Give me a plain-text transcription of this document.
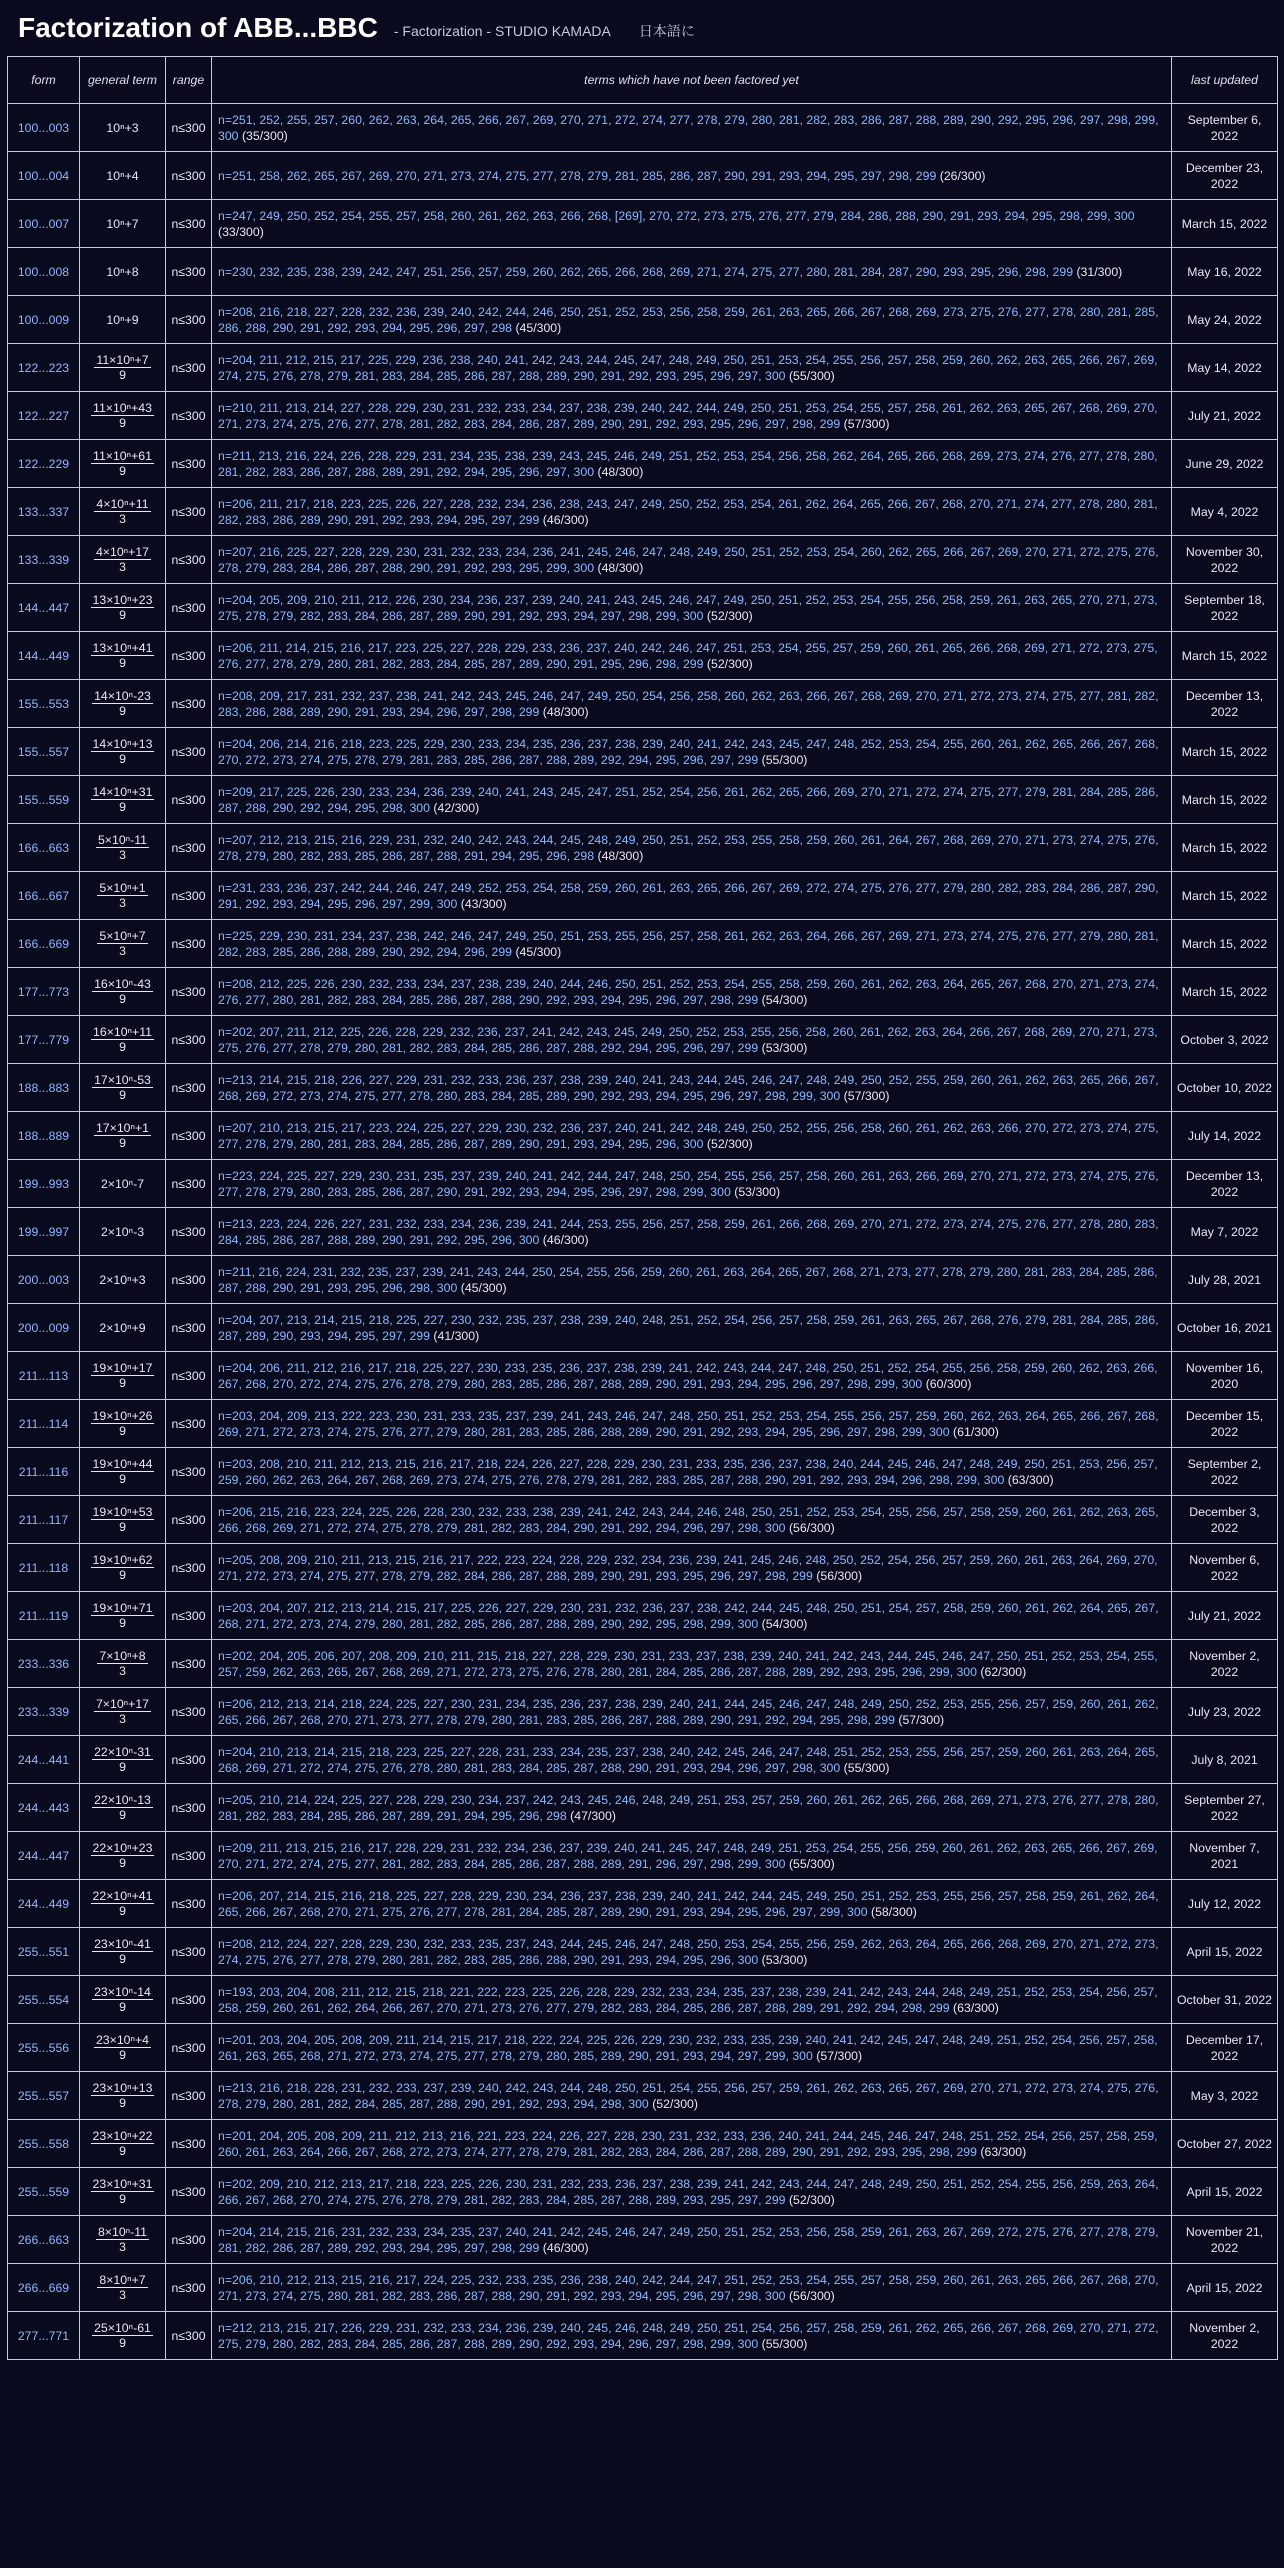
Factorization of ABB...BBC - Factorization - STUDIO KAMADA 日本語に
form	general term	range	terms which have not been factored yet	last updated
100...003	10ⁿ+3	n≤300	n=251, 252, 255, 257, 260, 262, 263, 264, 265, 266, 267, 269, 270, 271, 272, 274, 277, 278, 279, 280, 281, 282, 283, 286, 287, 288, 289, 290, 292, 295, 296, 297, 298, 299, 300 (35/300)	September 6, 2022
100...004	10ⁿ+4	n≤300	n=251, 258, 262, 265, 267, 269, 270, 271, 273, 274, 275, 277, 278, 279, 281, 285, 286, 287, 290, 291, 293, 294, 295, 297, 298, 299 (26/300)	December 23, 2022
100...007	10ⁿ+7	n≤300	n=247, 249, 250, 252, 254, 255, 257, 258, 260, 261, 262, 263, 266, 268, [269], 270, 272, 273, 275, 276, 277, 279, 284, 286, 288, 290, 291, 293, 294, 295, 298, 299, 300 (33/300)	March 15, 2022
100...008	10ⁿ+8	n≤300	n=230, 232, 235, 238, 239, 242, 247, 251, 256, 257, 259, 260, 262, 265, 266, 268, 269, 271, 274, 275, 277, 280, 281, 284, 287, 290, 293, 295, 296, 298, 299 (31/300)	May 16, 2022
100...009	10ⁿ+9	n≤300	n=208, 216, 218, 227, 228, 232, 236, 239, 240, 242, 244, 246, 250, 251, 252, 253, 256, 258, 259, 261, 263, 265, 266, 267, 268, 269, 273, 275, 276, 277, 278, 280, 281, 285, 286, 288, 290, 291, 292, 293, 294, 295, 296, 297, 298 (45/300)	May 24, 2022
122...223	$\frac{\text{11×10ⁿ+7}}{9}$	n≤300	n=204, 211, 212, 215, 217, 225, 229, 236, 238, 240, 241, 242, 243, 244, 245, 247, 248, 249, 250, 251, 253, 254, 255, 256, 257, 258, 259, 260, 262, 263, 265, 266, 267, 269, 274, 275, 276, 278, 279, 281, 283, 284, 285, 286, 287, 288, 289, 290, 291, 292, 293, 295, 296, 297, 300 (55/300)	May 14, 2022
122...227	$\frac{\text{11×10ⁿ+43}}{9}$	n≤300	n=210, 211, 213, 214, 227, 228, 229, 230, 231, 232, 233, 234, 237, 238, 239, 240, 242, 244, 249, 250, 251, 253, 254, 255, 257, 258, 261, 262, 263, 265, 267, 268, 269, 270, 271, 273, 274, 275, 276, 277, 278, 281, 282, 283, 284, 286, 287, 289, 290, 291, 292, 293, 295, 296, 297, 298, 299 (57/300)	July 21, 2022
122...229	$\frac{\text{11×10ⁿ+61}}{9}$	n≤300	n=211, 213, 216, 224, 226, 228, 229, 231, 234, 235, 238, 239, 243, 245, 246, 249, 251, 252, 253, 254, 256, 258, 262, 264, 265, 266, 268, 269, 273, 274, 276, 277, 278, 280, 281, 282, 283, 286, 287, 288, 289, 291, 292, 294, 295, 296, 297, 300 (48/300)	June 29, 2022
133...337	$\frac{\text{4×10ⁿ+11}}{3}$	n≤300	n=206, 211, 217, 218, 223, 225, 226, 227, 228, 232, 234, 236, 238, 243, 247, 249, 250, 252, 253, 254, 261, 262, 264, 265, 266, 267, 268, 270, 271, 274, 277, 278, 280, 281, 282, 283, 286, 289, 290, 291, 292, 293, 294, 295, 297, 299 (46/300)	May 4, 2022
133...339	$\frac{\text{4×10ⁿ+17}}{3}$	n≤300	n=207, 216, 225, 227, 228, 229, 230, 231, 232, 233, 234, 236, 241, 245, 246, 247, 248, 249, 250, 251, 252, 253, 254, 260, 262, 265, 266, 267, 269, 270, 271, 272, 275, 276, 278, 279, 283, 284, 286, 287, 288, 290, 291, 292, 293, 295, 299, 300 (48/300)	November 30, 2022
144...447	$\frac{\text{13×10ⁿ+23}}{9}$	n≤300	n=204, 205, 209, 210, 211, 212, 226, 230, 234, 236, 237, 239, 240, 241, 243, 245, 246, 247, 249, 250, 251, 252, 253, 254, 255, 256, 258, 259, 261, 263, 265, 270, 271, 273, 275, 278, 279, 282, 283, 284, 286, 287, 289, 290, 291, 292, 293, 294, 297, 298, 299, 300 (52/300)	September 18, 2022
144...449	$\frac{\text{13×10ⁿ+41}}{9}$	n≤300	n=206, 211, 214, 215, 216, 217, 223, 225, 227, 228, 229, 233, 236, 237, 240, 242, 246, 247, 251, 253, 254, 255, 257, 259, 260, 261, 265, 266, 268, 269, 271, 272, 273, 275, 276, 277, 278, 279, 280, 281, 282, 283, 284, 285, 287, 289, 290, 291, 295, 296, 298, 299 (52/300)	March 15, 2022
155...553	$\frac{\text{14×10ⁿ-23}}{9}$	n≤300	n=208, 209, 217, 231, 232, 237, 238, 241, 242, 243, 245, 246, 247, 249, 250, 254, 256, 258, 260, 262, 263, 266, 267, 268, 269, 270, 271, 272, 273, 274, 275, 277, 281, 282, 283, 286, 288, 289, 290, 291, 293, 294, 296, 297, 298, 299 (48/300)	December 13, 2022
155...557	$\frac{\text{14×10ⁿ+13}}{9}$	n≤300	n=204, 206, 214, 216, 218, 223, 225, 229, 230, 233, 234, 235, 236, 237, 238, 239, 240, 241, 242, 243, 245, 247, 248, 252, 253, 254, 255, 260, 261, 262, 265, 266, 267, 268, 270, 272, 273, 274, 275, 278, 279, 281, 283, 285, 286, 287, 288, 289, 292, 294, 295, 296, 297, 299 (55/300)	March 15, 2022
155...559	$\frac{\text{14×10ⁿ+31}}{9}$	n≤300	n=209, 217, 225, 226, 230, 233, 234, 236, 239, 240, 241, 243, 245, 247, 251, 252, 254, 256, 261, 262, 265, 266, 269, 270, 271, 272, 274, 275, 277, 279, 281, 284, 285, 286, 287, 288, 290, 292, 294, 295, 298, 300 (42/300)	March 15, 2022
166...663	$\frac{\text{5×10ⁿ-11}}{3}$	n≤300	n=207, 212, 213, 215, 216, 229, 231, 232, 240, 242, 243, 244, 245, 248, 249, 250, 251, 252, 253, 255, 258, 259, 260, 261, 264, 267, 268, 269, 270, 271, 273, 274, 275, 276, 278, 279, 280, 282, 283, 285, 286, 287, 288, 291, 294, 295, 296, 298 (48/300)	March 15, 2022
166...667	$\frac{\text{5×10ⁿ+1}}{3}$	n≤300	n=231, 233, 236, 237, 242, 244, 246, 247, 249, 252, 253, 254, 258, 259, 260, 261, 263, 265, 266, 267, 269, 272, 274, 275, 276, 277, 279, 280, 282, 283, 284, 286, 287, 290, 291, 292, 293, 294, 295, 296, 297, 299, 300 (43/300)	March 15, 2022
166...669	$\frac{\text{5×10ⁿ+7}}{3}$	n≤300	n=225, 229, 230, 231, 234, 237, 238, 242, 246, 247, 249, 250, 251, 253, 255, 256, 257, 258, 261, 262, 263, 264, 266, 267, 269, 271, 273, 274, 275, 276, 277, 279, 280, 281, 282, 283, 285, 286, 288, 289, 290, 292, 294, 296, 299 (45/300)	March 15, 2022
177...773	$\frac{\text{16×10ⁿ-43}}{9}$	n≤300	n=208, 212, 225, 226, 230, 232, 233, 234, 237, 238, 239, 240, 244, 246, 250, 251, 252, 253, 254, 255, 258, 259, 260, 261, 262, 263, 264, 265, 267, 268, 270, 271, 273, 274, 276, 277, 280, 281, 282, 283, 284, 285, 286, 287, 288, 290, 292, 293, 294, 295, 296, 297, 298, 299 (54/300)	March 15, 2022
177...779	$\frac{\text{16×10ⁿ+11}}{9}$	n≤300	n=202, 207, 211, 212, 225, 226, 228, 229, 232, 236, 237, 241, 242, 243, 245, 249, 250, 252, 253, 255, 256, 258, 260, 261, 262, 263, 264, 266, 267, 268, 269, 270, 271, 273, 275, 276, 277, 278, 279, 280, 281, 282, 283, 284, 285, 286, 287, 288, 292, 294, 295, 296, 297, 299 (53/300)	October 3, 2022
188...883	$\frac{\text{17×10ⁿ-53}}{9}$	n≤300	n=213, 214, 215, 218, 226, 227, 229, 231, 232, 233, 236, 237, 238, 239, 240, 241, 243, 244, 245, 246, 247, 248, 249, 250, 252, 255, 259, 260, 261, 262, 263, 265, 266, 267, 268, 269, 272, 273, 274, 275, 277, 278, 280, 283, 284, 285, 289, 290, 292, 293, 294, 295, 296, 297, 298, 299, 300 (57/300)	October 10, 2022
188...889	$\frac{\text{17×10ⁿ+1}}{9}$	n≤300	n=207, 210, 213, 215, 217, 223, 224, 225, 227, 229, 230, 232, 236, 237, 240, 241, 242, 248, 249, 250, 252, 255, 256, 258, 260, 261, 262, 263, 266, 270, 272, 273, 274, 275, 277, 278, 279, 280, 281, 283, 284, 285, 286, 287, 289, 290, 291, 293, 294, 295, 296, 300 (52/300)	July 14, 2022
199...993	2×10ⁿ-7	n≤300	n=223, 224, 225, 227, 229, 230, 231, 235, 237, 239, 240, 241, 242, 244, 247, 248, 250, 254, 255, 256, 257, 258, 260, 261, 263, 266, 269, 270, 271, 272, 273, 274, 275, 276, 277, 278, 279, 280, 283, 285, 286, 287, 290, 291, 292, 293, 294, 295, 296, 297, 298, 299, 300 (53/300)	December 13, 2022
199...997	2×10ⁿ-3	n≤300	n=213, 223, 224, 226, 227, 231, 232, 233, 234, 236, 239, 241, 244, 253, 255, 256, 257, 258, 259, 261, 266, 268, 269, 270, 271, 272, 273, 274, 275, 276, 277, 278, 280, 283, 284, 285, 286, 287, 288, 289, 290, 291, 292, 295, 296, 300 (46/300)	May 7, 2022
200...003	2×10ⁿ+3	n≤300	n=211, 216, 224, 231, 232, 235, 237, 239, 241, 243, 244, 250, 254, 255, 256, 259, 260, 261, 263, 264, 265, 267, 268, 271, 273, 277, 278, 279, 280, 281, 283, 284, 285, 286, 287, 288, 290, 291, 293, 295, 296, 298, 300 (45/300)	July 28, 2021
200...009	2×10ⁿ+9	n≤300	n=204, 207, 213, 214, 215, 218, 225, 227, 230, 232, 235, 237, 238, 239, 240, 248, 251, 252, 254, 256, 257, 258, 259, 261, 263, 265, 267, 268, 276, 279, 281, 284, 285, 286, 287, 289, 290, 293, 294, 295, 297, 299 (41/300)	October 16, 2021
211...113	$\frac{\text{19×10ⁿ+17}}{9}$	n≤300	n=204, 206, 211, 212, 216, 217, 218, 225, 227, 230, 233, 235, 236, 237, 238, 239, 241, 242, 243, 244, 247, 248, 250, 251, 252, 254, 255, 256, 258, 259, 260, 262, 263, 266, 267, 268, 270, 272, 274, 275, 276, 278, 279, 280, 283, 285, 286, 287, 288, 289, 290, 291, 293, 294, 295, 296, 297, 298, 299, 300 (60/300)	November 16, 2020
211...114	$\frac{\text{19×10ⁿ+26}}{9}$	n≤300	n=203, 204, 209, 213, 222, 223, 230, 231, 233, 235, 237, 239, 241, 243, 246, 247, 248, 250, 251, 252, 253, 254, 255, 256, 257, 259, 260, 262, 263, 264, 265, 266, 267, 268, 269, 271, 272, 273, 274, 275, 276, 277, 279, 280, 281, 283, 285, 286, 288, 289, 290, 291, 292, 293, 294, 295, 296, 297, 298, 299, 300 (61/300)	December 15, 2022
211...116	$\frac{\text{19×10ⁿ+44}}{9}$	n≤300	n=203, 208, 210, 211, 212, 213, 215, 216, 217, 218, 224, 226, 227, 228, 229, 230, 231, 233, 235, 236, 237, 238, 240, 244, 245, 246, 247, 248, 249, 250, 251, 253, 256, 257, 259, 260, 262, 263, 264, 267, 268, 269, 273, 274, 275, 276, 278, 279, 281, 282, 283, 285, 287, 288, 290, 291, 292, 293, 294, 296, 298, 299, 300 (63/300)	September 2, 2022
211...117	$\frac{\text{19×10ⁿ+53}}{9}$	n≤300	n=206, 215, 216, 223, 224, 225, 226, 228, 230, 232, 233, 238, 239, 241, 242, 243, 244, 246, 248, 250, 251, 252, 253, 254, 255, 256, 257, 258, 259, 260, 261, 262, 263, 265, 266, 268, 269, 271, 272, 274, 275, 278, 279, 281, 282, 283, 284, 290, 291, 292, 294, 296, 297, 298, 300 (56/300)	December 3, 2022
211...118	$\frac{\text{19×10ⁿ+62}}{9}$	n≤300	n=205, 208, 209, 210, 211, 213, 215, 216, 217, 222, 223, 224, 228, 229, 232, 234, 236, 239, 241, 245, 246, 248, 250, 252, 254, 256, 257, 259, 260, 261, 263, 264, 269, 270, 271, 272, 273, 274, 275, 277, 278, 279, 282, 284, 286, 287, 288, 289, 290, 291, 293, 295, 296, 297, 298, 299 (56/300)	November 6, 2022
211...119	$\frac{\text{19×10ⁿ+71}}{9}$	n≤300	n=203, 204, 207, 212, 213, 214, 215, 217, 225, 226, 227, 229, 230, 231, 232, 236, 237, 238, 242, 244, 245, 248, 250, 251, 254, 257, 258, 259, 260, 261, 262, 264, 265, 267, 268, 271, 272, 273, 274, 279, 280, 281, 282, 285, 286, 287, 288, 289, 290, 292, 295, 298, 299, 300 (54/300)	July 21, 2022
233...336	$\frac{\text{7×10ⁿ+8}}{3}$	n≤300	n=202, 204, 205, 206, 207, 208, 209, 210, 211, 215, 218, 227, 228, 229, 230, 231, 233, 237, 238, 239, 240, 241, 242, 243, 244, 245, 246, 247, 250, 251, 252, 253, 254, 255, 257, 259, 262, 263, 265, 267, 268, 269, 271, 272, 273, 275, 276, 278, 280, 281, 284, 285, 286, 287, 288, 289, 292, 293, 295, 296, 299, 300 (62/300)	November 2, 2022
233...339	$\frac{\text{7×10ⁿ+17}}{3}$	n≤300	n=206, 212, 213, 214, 218, 224, 225, 227, 230, 231, 234, 235, 236, 237, 238, 239, 240, 241, 244, 245, 246, 247, 248, 249, 250, 252, 253, 255, 256, 257, 259, 260, 261, 262, 265, 266, 267, 268, 270, 271, 273, 277, 278, 279, 280, 281, 283, 285, 286, 287, 288, 289, 290, 291, 292, 294, 295, 298, 299 (57/300)	July 23, 2022
244...441	$\frac{\text{22×10ⁿ-31}}{9}$	n≤300	n=204, 210, 213, 214, 215, 218, 223, 225, 227, 228, 231, 233, 234, 235, 237, 238, 240, 242, 245, 246, 247, 248, 251, 252, 253, 255, 256, 257, 259, 260, 261, 263, 264, 265, 268, 269, 271, 272, 274, 275, 276, 278, 280, 281, 283, 284, 285, 287, 288, 290, 291, 293, 294, 296, 297, 298, 300 (55/300)	July 8, 2021
244...443	$\frac{\text{22×10ⁿ-13}}{9}$	n≤300	n=205, 210, 214, 224, 225, 227, 228, 229, 230, 234, 237, 242, 243, 245, 246, 248, 249, 251, 253, 257, 259, 260, 261, 262, 265, 266, 268, 269, 271, 273, 276, 277, 278, 280, 281, 282, 283, 284, 285, 286, 287, 289, 291, 294, 295, 296, 298 (47/300)	September 27, 2022
244...447	$\frac{\text{22×10ⁿ+23}}{9}$	n≤300	n=209, 211, 213, 215, 216, 217, 228, 229, 231, 232, 234, 236, 237, 239, 240, 241, 245, 247, 248, 249, 251, 253, 254, 255, 256, 259, 260, 261, 262, 263, 265, 266, 267, 269, 270, 271, 272, 274, 275, 277, 281, 282, 283, 284, 285, 286, 287, 288, 289, 291, 296, 297, 298, 299, 300 (55/300)	November 7, 2021
244...449	$\frac{\text{22×10ⁿ+41}}{9}$	n≤300	n=206, 207, 214, 215, 216, 218, 225, 227, 228, 229, 230, 234, 236, 237, 238, 239, 240, 241, 242, 244, 245, 249, 250, 251, 252, 253, 255, 256, 257, 258, 259, 261, 262, 264, 265, 266, 267, 268, 270, 271, 275, 276, 277, 278, 281, 284, 285, 287, 289, 290, 291, 293, 294, 295, 296, 297, 299, 300 (58/300)	July 12, 2022
255...551	$\frac{\text{23×10ⁿ-41}}{9}$	n≤300	n=208, 212, 224, 227, 228, 229, 230, 232, 233, 235, 237, 243, 244, 245, 246, 247, 248, 250, 253, 254, 255, 256, 259, 262, 263, 264, 265, 266, 268, 269, 270, 271, 272, 273, 274, 275, 276, 277, 278, 279, 280, 281, 282, 283, 285, 286, 288, 290, 291, 293, 294, 295, 296, 300 (53/300)	April 15, 2022
255...554	$\frac{\text{23×10ⁿ-14}}{9}$	n≤300	n=193, 203, 204, 208, 211, 212, 215, 218, 221, 222, 223, 225, 226, 228, 229, 232, 233, 234, 235, 237, 238, 239, 241, 242, 243, 244, 248, 249, 251, 252, 253, 254, 256, 257, 258, 259, 260, 261, 262, 264, 266, 267, 270, 271, 273, 276, 277, 279, 282, 283, 284, 285, 286, 287, 288, 289, 291, 292, 294, 298, 299 (63/300)	October 31, 2022
255...556	$\frac{\text{23×10ⁿ+4}}{9}$	n≤300	n=201, 203, 204, 205, 208, 209, 211, 214, 215, 217, 218, 222, 224, 225, 226, 229, 230, 232, 233, 235, 239, 240, 241, 242, 245, 247, 248, 249, 251, 252, 254, 256, 257, 258, 261, 263, 265, 268, 271, 272, 273, 274, 275, 277, 278, 279, 280, 285, 289, 290, 291, 293, 294, 297, 299, 300 (57/300)	December 17, 2022
255...557	$\frac{\text{23×10ⁿ+13}}{9}$	n≤300	n=213, 216, 218, 228, 231, 232, 233, 237, 239, 240, 242, 243, 244, 248, 250, 251, 254, 255, 256, 257, 259, 261, 262, 263, 265, 267, 269, 270, 271, 272, 273, 274, 275, 276, 278, 279, 280, 281, 282, 284, 285, 287, 288, 290, 291, 292, 293, 294, 298, 300 (52/300)	May 3, 2022
255...558	$\frac{\text{23×10ⁿ+22}}{9}$	n≤300	n=201, 204, 205, 208, 209, 211, 212, 213, 216, 221, 223, 224, 226, 227, 228, 230, 231, 232, 233, 236, 240, 241, 244, 245, 246, 247, 248, 251, 252, 254, 256, 257, 258, 259, 260, 261, 263, 264, 266, 267, 268, 272, 273, 274, 277, 278, 279, 281, 282, 283, 284, 286, 287, 288, 289, 290, 291, 292, 293, 295, 298, 299 (63/300)	October 27, 2022
255...559	$\frac{\text{23×10ⁿ+31}}{9}$	n≤300	n=202, 209, 210, 212, 213, 217, 218, 223, 225, 226, 230, 231, 232, 233, 236, 237, 238, 239, 241, 242, 243, 244, 247, 248, 249, 250, 251, 252, 254, 255, 256, 259, 263, 264, 266, 267, 268, 270, 274, 275, 276, 278, 279, 281, 282, 283, 284, 285, 287, 288, 289, 293, 295, 297, 299 (52/300)	April 15, 2022
266...663	$\frac{\text{8×10ⁿ-11}}{3}$	n≤300	n=204, 214, 215, 216, 231, 232, 233, 234, 235, 237, 240, 241, 242, 245, 246, 247, 249, 250, 251, 252, 253, 256, 258, 259, 261, 263, 267, 269, 272, 275, 276, 277, 278, 279, 281, 282, 286, 287, 289, 292, 293, 294, 295, 297, 298, 299 (46/300)	November 21, 2022
266...669	$\frac{\text{8×10ⁿ+7}}{3}$	n≤300	n=206, 210, 212, 213, 215, 216, 217, 224, 225, 232, 233, 235, 236, 238, 240, 242, 244, 247, 251, 252, 253, 254, 255, 257, 258, 259, 260, 261, 263, 265, 266, 267, 268, 270, 271, 273, 274, 275, 280, 281, 282, 283, 286, 287, 288, 290, 291, 292, 293, 294, 295, 296, 297, 298, 300 (56/300)	April 15, 2022
277...771	$\frac{\text{25×10ⁿ-61}}{9}$	n≤300	n=212, 213, 215, 217, 226, 229, 231, 232, 233, 234, 236, 239, 240, 245, 246, 248, 249, 250, 251, 254, 256, 257, 258, 259, 261, 262, 265, 266, 267, 268, 269, 270, 271, 272, 275, 279, 280, 282, 283, 284, 285, 286, 287, 288, 289, 290, 292, 293, 294, 296, 297, 298, 299, 300 (55/300)	November 2, 2022
